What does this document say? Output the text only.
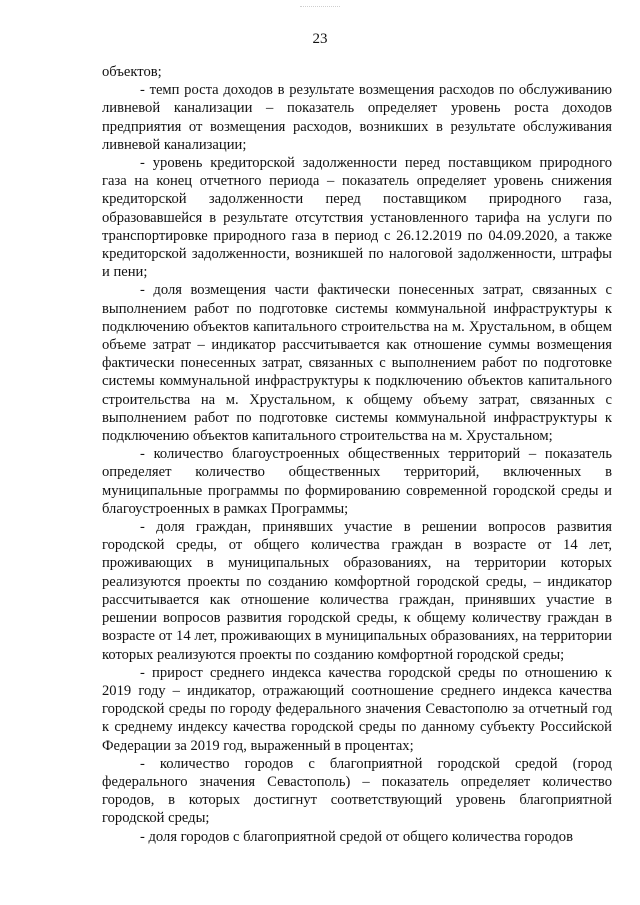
23

объектов;

- темп роста доходов в результате возмещения расходов по обслуживанию ливневой канализации – показатель определяет уровень роста доходов предприятия от возмещения расходов, возникших в результате обслуживания ливневой канализации;

- уровень кредиторской задолженности перед поставщиком природного газа на конец отчетного периода – показатель определяет уровень снижения кредиторской задолженности перед поставщиком природного газа, образовавшейся в результате отсутствия установленного тарифа на услуги по транспортировке природного газа в период с 26.12.2019 по 04.09.2020, а также кредиторской задолженности, возникшей по налоговой задолженности, штрафы и пени;

- доля возмещения части фактически понесенных затрат, связанных с выполнением работ по подготовке системы коммунальной инфраструктуры к подключению объектов капитального строительства на м. Хрустальном, в общем объеме затрат – индикатор рассчитывается как отношение суммы возмещения фактически понесенных затрат, связанных с выполнением работ по подготовке системы коммунальной инфраструктуры к подключению объектов капитального строительства на м. Хрустальном, к общему объему затрат, связанных с выполнением работ по подготовке системы коммунальной инфраструктуры к подключению объектов капитального строительства на м. Хрустальном;

- количество благоустроенных общественных территорий – показатель определяет количество общественных территорий, включенных в муниципальные программы по формированию современной городской среды и благоустроенных в рамках Программы;

- доля граждан, принявших участие в решении вопросов развития городской среды, от общего количества граждан в возрасте от 14 лет, проживающих в муниципальных образованиях, на территории которых реализуются проекты по созданию комфортной городской среды, – индикатор рассчитывается как отношение количества граждан, принявших участие в решении вопросов развития городской среды, к общему количеству граждан в возрасте от 14 лет, проживающих в муниципальных образованиях, на территории которых реализуются проекты по созданию комфортной городской среды;

- прирост среднего индекса качества городской среды по отношению к 2019 году – индикатор, отражающий соотношение среднего индекса качества городской среды по городу федерального значения Севастополю за отчетный год к среднему индексу качества городской среды по данному субъекту Российской Федерации за 2019 год, выраженный в процентах;

- количество городов с благоприятной городской средой (город федерального значения Севастополь) – показатель определяет количество городов, в которых достигнут соответствующий уровень благоприятной городской среды;

- доля городов с благоприятной средой от общего количества городов
